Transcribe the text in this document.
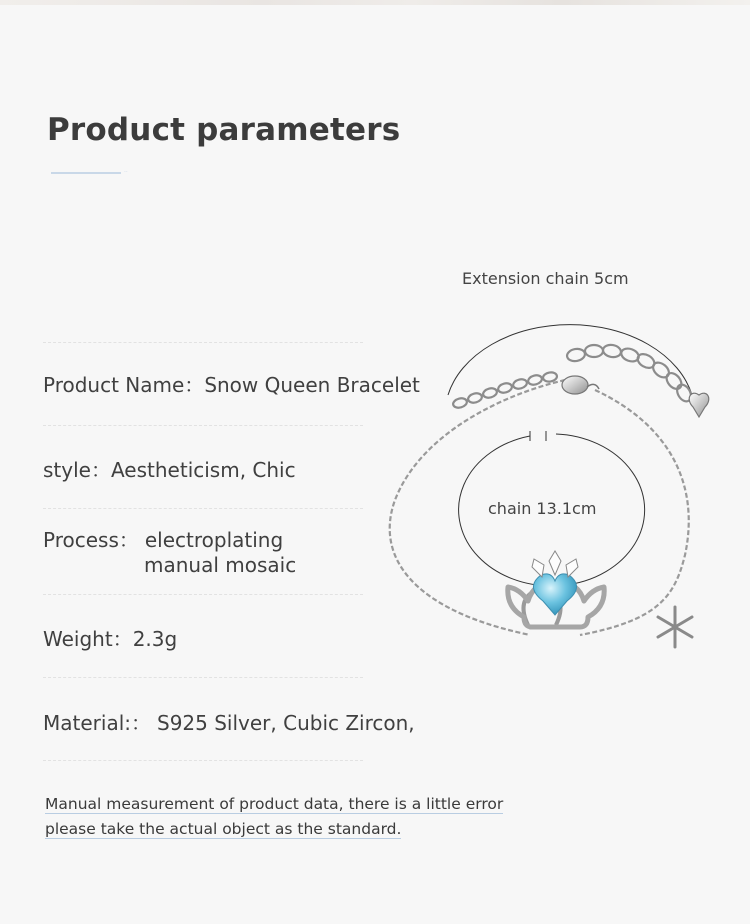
Product parameters
··
Product Name：Snow Queen Bracelet
style：Aestheticism, Chic
Process： electroplating
manual mosaic
Weight：2.3g
Material:： S925 Silver, Cubic Zircon,
Manual measurement of product data, there is a little error
please take the actual object as the standard.
Extension chain 5cm
chain 13.1cm
